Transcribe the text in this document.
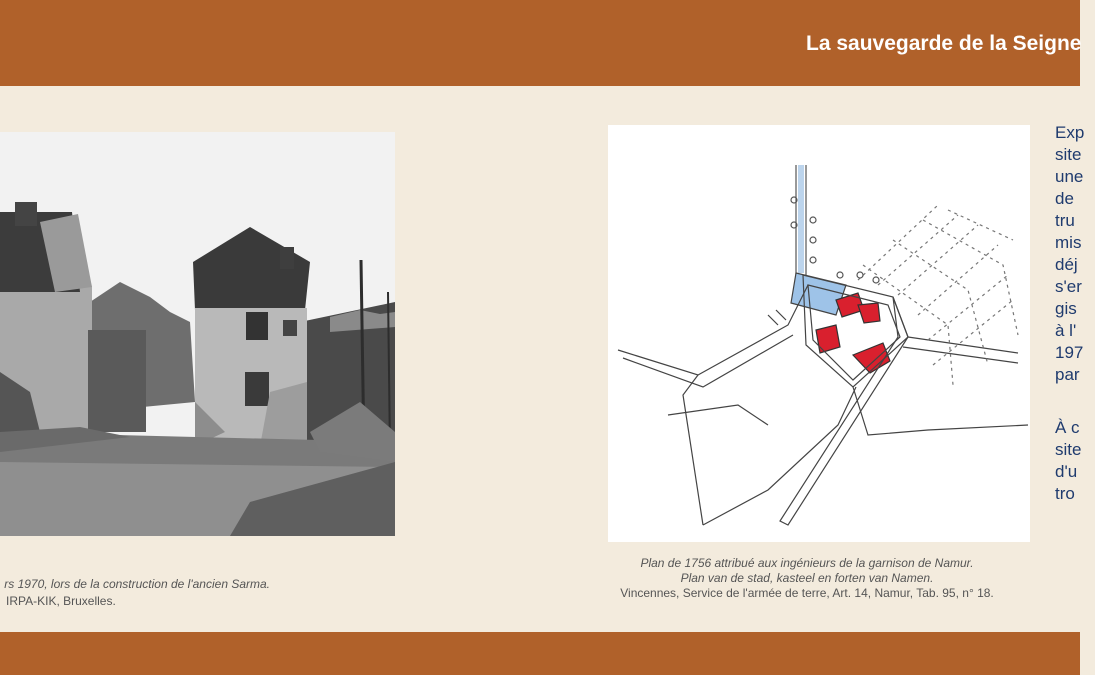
La sauvegarde de la Seigne
rs 1970, lors de la construction de l'ancien Sarma.
IRPA-KIK, Bruxelles.
Plan de 1756 attribué aux ingénieurs de la garnison de Namur.
Plan van de stad, kasteel en forten van Namen.
Vincennes, Service de l'armée de terre, Art. 14, Namur, Tab. 95, n° 18.
Exp
site
une
de
tru
mis
déj
s'er
gis
à l'
197
par
À c
site
d'u
tro
